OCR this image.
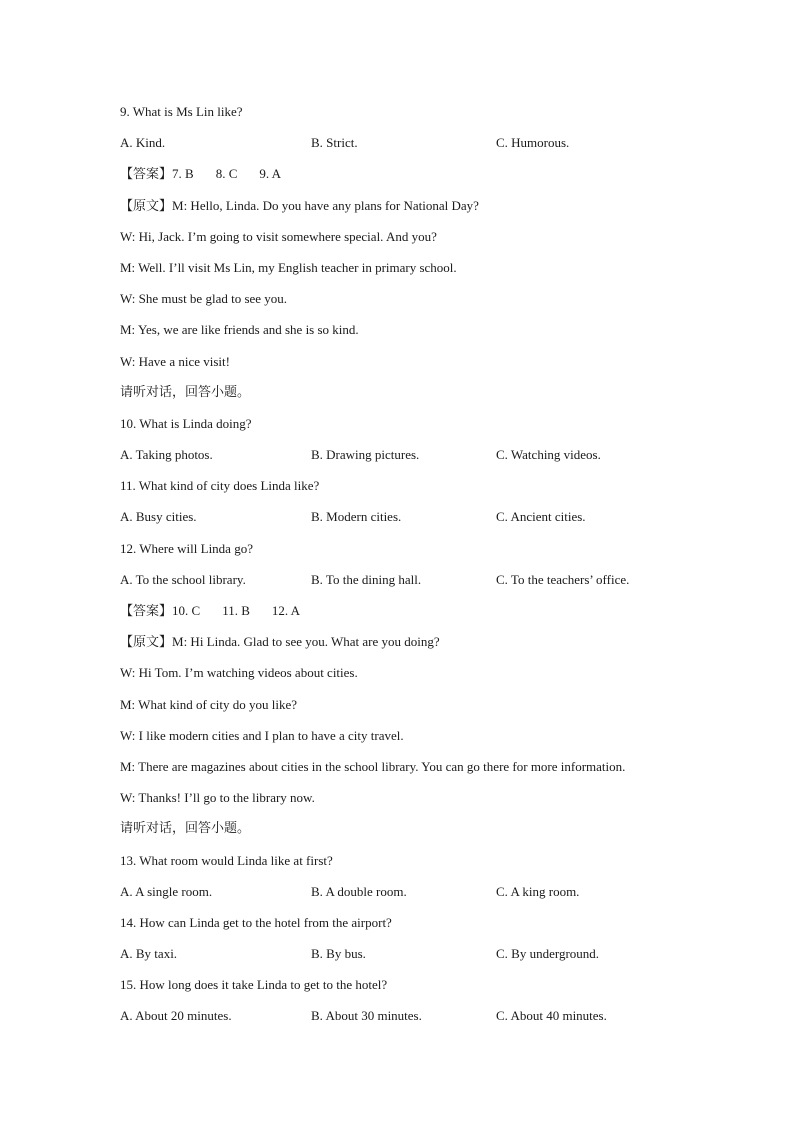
9. What is Ms Lin like?
A. Kind.	B. Strict.	C. Humorous.
【答案】7. B 8. C 9. A
【原文】M: Hello, Linda. Do you have any plans for National Day?
W: Hi, Jack. I’m going to visit somewhere special. And you?
M: Well. I’ll visit Ms Lin, my English teacher in primary school.
W: She must be glad to see you.
M: Yes, we are like friends and she is so kind.
W: Have a nice visit!
请听对话，回答小题。
10. What is Linda doing?
A. Taking photos.	B. Drawing pictures.	C. Watching videos.
11. What kind of city does Linda like?
A. Busy cities.	B. Modern cities.	C. Ancient cities.
12. Where will Linda go?
A. To the school library.	B. To the dining hall.	C. To the teachers’ office.
【答案】10. C 11. B 12. A
【原文】M: Hi Linda. Glad to see you. What are you doing?
W: Hi Tom. I’m watching videos about cities.
M: What kind of city do you like?
W: I like modern cities and I plan to have a city travel.
M: There are magazines about cities in the school library. You can go there for more information.
W: Thanks! I’ll go to the library now.
请听对话，回答小题。
13. What room would Linda like at first?
A. A single room.	B. A double room.	C. A king room.
14. How can Linda get to the hotel from the airport?
A. By taxi.	B. By bus.	C. By underground.
15. How long does it take Linda to get to the hotel?
A. About 20 minutes.	B. About 30 minutes.	C. About 40 minutes.
